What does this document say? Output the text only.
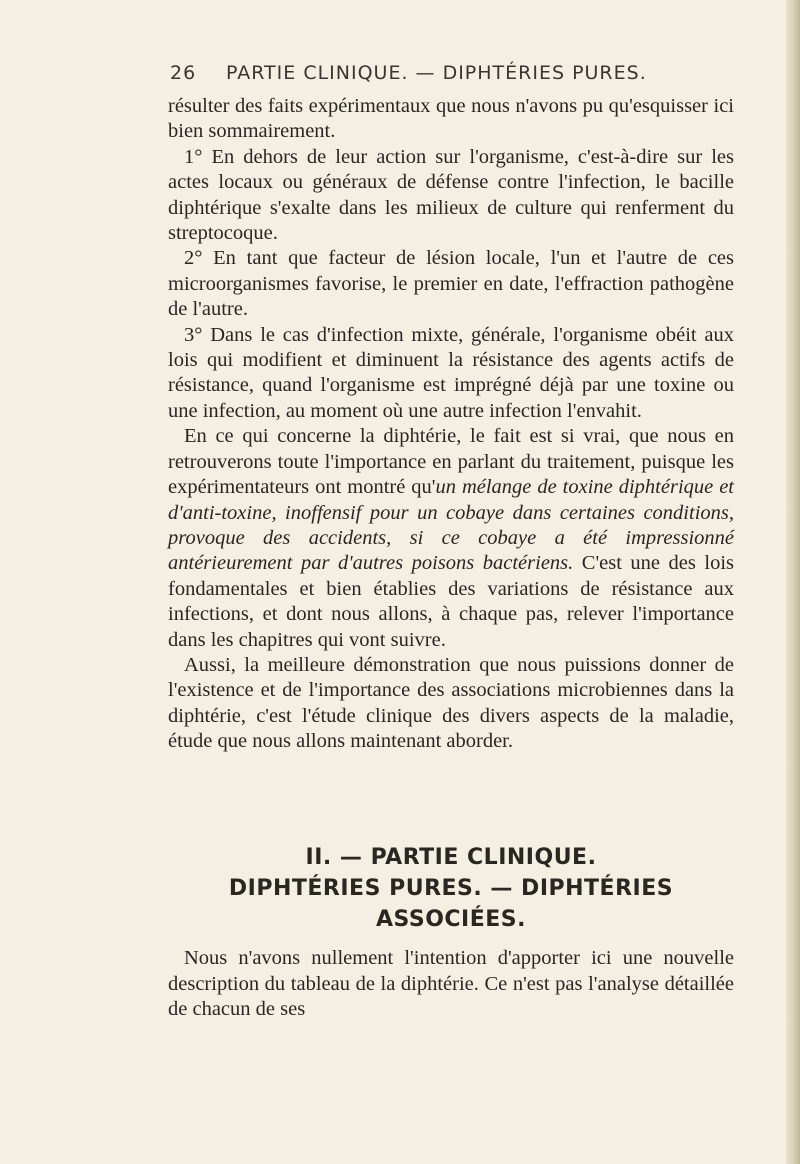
26 PARTIE CLINIQUE. — DIPHTÉRIES PURES.

résulter des faits expérimentaux que nous n'avons pu qu'esquisser ici bien sommairement.

1° En dehors de leur action sur l'organisme, c'est-à-dire sur les actes locaux ou généraux de défense contre l'infection, le bacille diphtérique s'exalte dans les milieux de culture qui renferment du streptocoque.

2° En tant que facteur de lésion locale, l'un et l'autre de ces microorganismes favorise, le premier en date, l'effraction pathogène de l'autre.

3° Dans le cas d'infection mixte, générale, l'organisme obéit aux lois qui modifient et diminuent la résistance des agents actifs de résistance, quand l'organisme est imprégné déjà par une toxine ou une infection, au moment où une autre infection l'envahit.

En ce qui concerne la diphtérie, le fait est si vrai, que nous en retrouverons toute l'importance en parlant du traitement, puisque les expérimentateurs ont montré qu'un mélange de toxine diphtérique et d'anti-toxine, inoffensif pour un cobaye dans certaines conditions, provoque des accidents, si ce cobaye a été impressionné antérieurement par d'autres poisons bactériens. C'est une des lois fondamentales et bien établies des variations de résistance aux infections, et dont nous allons, à chaque pas, relever l'importance dans les chapitres qui vont suivre.

Aussi, la meilleure démonstration que nous puissions donner de l'existence et de l'importance des associations microbiennes dans la diphtérie, c'est l'étude clinique des divers aspects de la maladie, étude que nous allons maintenant aborder.

II. — PARTIE CLINIQUE.
DIPHTÉRIES PURES. — DIPHTÉRIES
ASSOCIÉES.

Nous n'avons nullement l'intention d'apporter ici une nouvelle description du tableau de la diphtérie. Ce n'est pas l'analyse détaillée de chacun de ses
